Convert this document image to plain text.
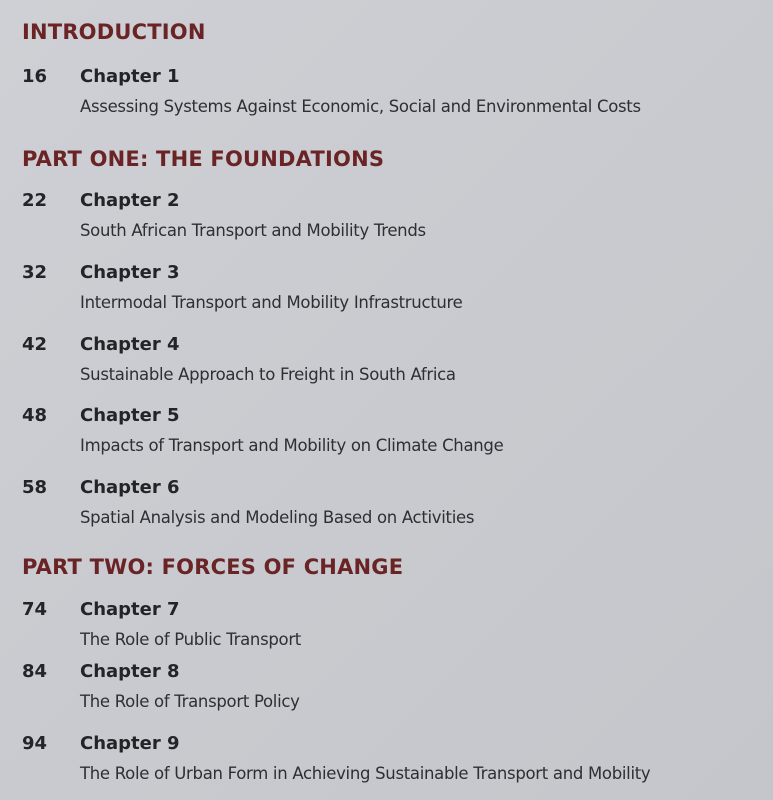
INTRODUCTION
16 Chapter 1
Assessing Systems Against Economic, Social and Environmental Costs
PART ONE: THE FOUNDATIONS
22 Chapter 2
South African Transport and Mobility Trends
32 Chapter 3
Intermodal Transport and Mobility Infrastructure
42 Chapter 4
Sustainable Approach to Freight in South Africa
48 Chapter 5
Impacts of Transport and Mobility on Climate Change
58 Chapter 6
Spatial Analysis and Modeling Based on Activities
PART TWO: FORCES OF CHANGE
74 Chapter 7
The Role of Public Transport
84 Chapter 8
The Role of Transport Policy
94 Chapter 9
The Role of Urban Form in Achieving Sustainable Transport and Mobility
